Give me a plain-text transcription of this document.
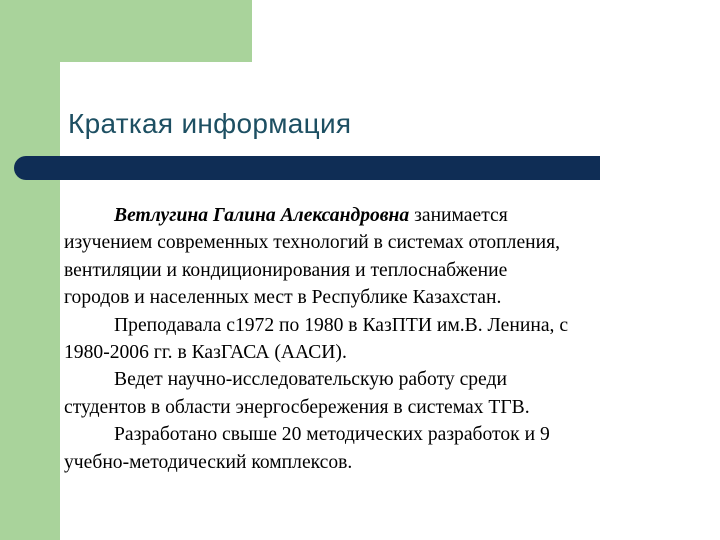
Краткая информация

Ветлугина Галина Александровна занимается
изучением современных технологий в системах отопления,
вентиляции и кондиционирования и теплоснабжение
городов и населенных мест в Республике Казахстан.

Преподавала с1972 по 1980 в КазПТИ им.В. Ленина, с
1980-2006 гг. в КазГАСА (ААСИ).

Ведет научно-исследовательскую работу среди
студентов в области энергосбережения в системах ТГВ.

Разработано свыше 20 методических разработок и 9
учебно-методический комплексов.
